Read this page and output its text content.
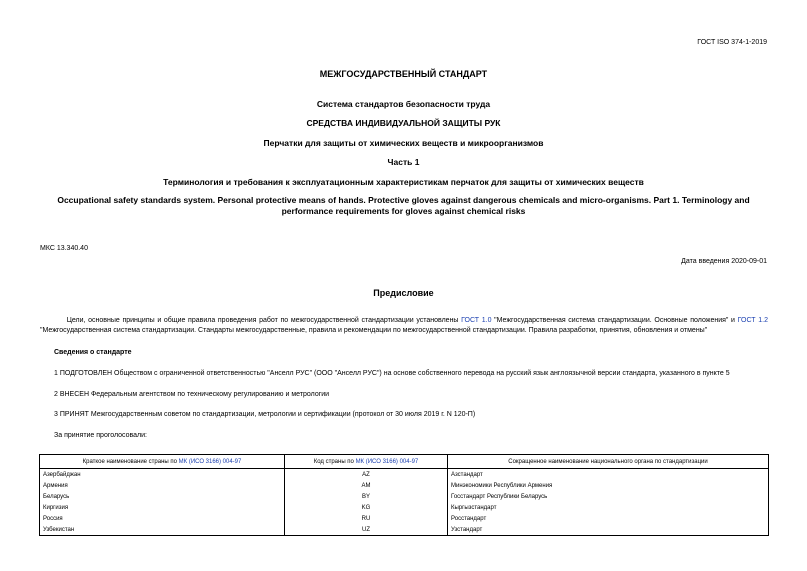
ГОСТ ISO 374-1-2019
МЕЖГОСУДАРСТВЕННЫЙ СТАНДАРТ
Система стандартов безопасности труда
СРЕДСТВА ИНДИВИДУАЛЬНОЙ ЗАЩИТЫ РУК
Перчатки для защиты от химических веществ и микроорганизмов
Часть 1
Терминология и требования к эксплуатационным характеристикам перчаток для защиты от химических веществ
Occupational safety standards system. Personal protective means of hands. Protective gloves against dangerous chemicals and micro-organisms. Part 1. Terminology and performance requirements for gloves against chemical risks
МКС 13.340.40
Дата введения 2020-09-01
Предисловие
Цели, основные принципы и общие правила проведения работ по межгосударственной стандартизации установлены ГОСТ 1.0 "Межгосударственная система стандартизации. Основные положения" и ГОСТ 1.2 "Межгосударственная система стандартизации. Стандарты межгосударственные, правила и рекомендации по межгосударственной стандартизации. Правила разработки, принятия, обновления и отмены"
Сведения о стандарте
1 ПОДГОТОВЛЕН Обществом с ограниченной ответственностью "Анселл РУС" (ООО "Анселл РУС") на основе собственного перевода на русский язык англоязычной версии стандарта, указанного в пункте 5
2 ВНЕСЕН Федеральным агентством по техническому регулированию и метрологии
3 ПРИНЯТ Межгосударственным советом по стандартизации, метрологии и сертификации (протокол от 30 июля 2019 г. N 120-П)
За принятие проголосовали:
Краткое наименование страны по МК (ИСО 3166) 004-97	Код страны по МК (ИСО 3166) 004-97	Сокращенное наименование национального органа по стандартизации
Азербайджан	AZ	Азстандарт
Армения	AM	Минэкономики Республики Армения
Беларусь	BY	Госстандарт Республики Беларусь
Киргизия	KG	Кыргызстандарт
Россия	RU	Росстандарт
Узбекистан	UZ	Узстандарт
